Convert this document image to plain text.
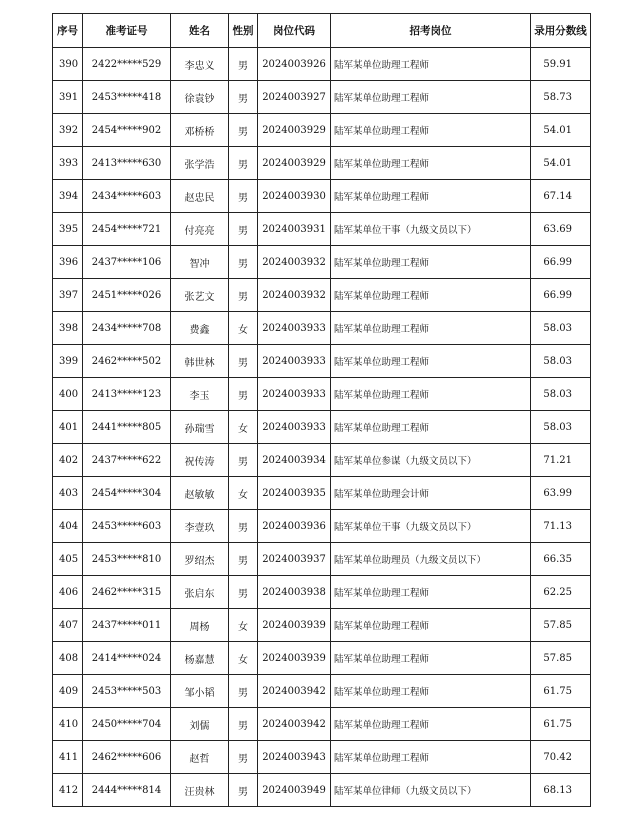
序号	准考证号	姓名	性别	岗位代码	招考岗位	录用分数线
390	2422*****529	李忠义	男	2024003926	陆军某单位助理工程师	59.91
391	2453*****418	徐袁钞	男	2024003927	陆军某单位助理工程师	58.73
392	2454*****902	邓桥桥	男	2024003929	陆军某单位助理工程师	54.01
393	2413*****630	张学浩	男	2024003929	陆军某单位助理工程师	54.01
394	2434*****603	赵忠民	男	2024003930	陆军某单位助理工程师	67.14
395	2454*****721	付亮亮	男	2024003931	陆军某单位干事（九级文员以下）	63.69
396	2437*****106	智冲	男	2024003932	陆军某单位助理工程师	66.99
397	2451*****026	张艺文	男	2024003932	陆军某单位助理工程师	66.99
398	2434*****708	费鑫	女	2024003933	陆军某单位助理工程师	58.03
399	2462*****502	韩世林	男	2024003933	陆军某单位助理工程师	58.03
400	2413*****123	李玉	男	2024003933	陆军某单位助理工程师	58.03
401	2441*****805	孙瑞雪	女	2024003933	陆军某单位助理工程师	58.03
402	2437*****622	祝传涛	男	2024003934	陆军某单位参谋（九级文员以下）	71.21
403	2454*****304	赵敏敏	女	2024003935	陆军某单位助理会计师	63.99
404	2453*****603	李壹玖	男	2024003936	陆军某单位干事（九级文员以下）	71.13
405	2453*****810	罗绍杰	男	2024003937	陆军某单位助理员（九级文员以下）	66.35
406	2462*****315	张启东	男	2024003938	陆军某单位助理工程师	62.25
407	2437*****011	周杨	女	2024003939	陆军某单位助理工程师	57.85
408	2414*****024	杨嘉慧	女	2024003939	陆军某单位助理工程师	57.85
409	2453*****503	邹小韬	男	2024003942	陆军某单位助理工程师	61.75
410	2450*****704	刘儒	男	2024003942	陆军某单位助理工程师	61.75
411	2462*****606	赵哲	男	2024003943	陆军某单位助理工程师	70.42
412	2444*****814	汪贵林	男	2024003949	陆军某单位律师（九级文员以下）	68.13
